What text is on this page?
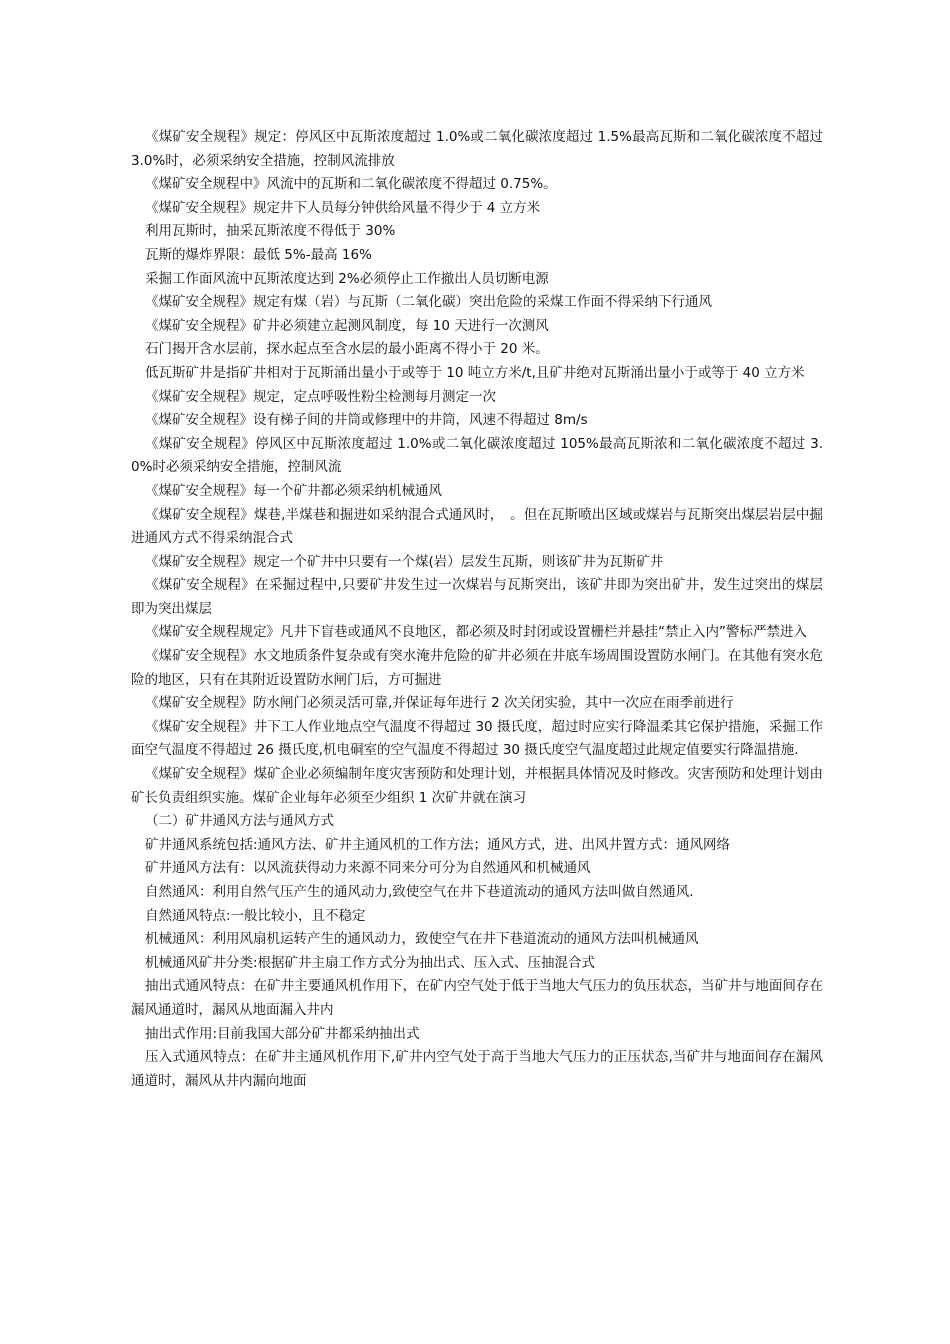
《煤矿安全规程》规定：停风区中瓦斯浓度超过 1.0%或二氧化碳浓度超过 1.5%最高瓦斯和二氧化碳浓度不超过 3.0%时，必须采纳安全措施，控制风流排放

《煤矿安全规程中》风流中的瓦斯和二氧化碳浓度不得超过 0.75%。

《煤矿安全规程》规定井下人员每分钟供给风量不得少于 4 立方米

利用瓦斯时，抽采瓦斯浓度不得低于 30%

瓦斯的爆炸界限：最低 5%-最高 16%

采掘工作面风流中瓦斯浓度达到 2%必须停止工作撤出人员切断电源

《煤矿安全规程》规定有煤（岩）与瓦斯（二氧化碳）突出危险的采煤工作面不得采纳下行通风

《煤矿安全规程》矿井必须建立起测风制度，每 10 天进行一次测风

石门揭开含水层前，探水起点至含水层的最小距离不得小于 20 米。

低瓦斯矿井是指矿井相对于瓦斯涌出量小于或等于 10 吨立方米/t,且矿井绝对瓦斯涌出量小于或等于 40 立方米

《煤矿安全规程》规定，定点呼吸性粉尘检测每月测定一次

《煤矿安全规程》设有梯子间的井筒或修理中的井筒，风速不得超过 8m/s

《煤矿安全规程》停风区中瓦斯浓度超过 1.0%或二氧化碳浓度超过 105%最高瓦斯浓和二氧化碳浓度不超过 3.0%时必须采纳安全措施，控制风流

《煤矿安全规程》每一个矿井都必须采纳机械通风

《煤矿安全规程》煤巷,半煤巷和掘进如采纳混合式通风时，　。但在瓦斯喷出区域或煤岩与瓦斯突出煤层岩层中掘进通风方式不得采纳混合式

《煤矿安全规程》规定一个矿井中只要有一个煤(岩）层发生瓦斯，则该矿井为瓦斯矿井

《煤矿安全规程》在采掘过程中,只要矿井发生过一次煤岩与瓦斯突出，该矿井即为突出矿井，发生过突出的煤层即为突出煤层

《煤矿安全规程规定》凡井下盲巷或通风不良地区，都必须及时封闭或设置栅栏并悬挂“禁止入内”警标严禁进入

《煤矿安全规程》水文地质条件复杂或有突水淹井危险的矿井必须在井底车场周围设置防水闸门。在其他有突水危险的地区，只有在其附近设置防水闸门后，方可掘进

《煤矿安全规程》防水闸门必须灵活可靠,并保证每年进行 2 次关闭实验，其中一次应在雨季前进行

《煤矿安全规程》井下工人作业地点空气温度不得超过 30 摄氏度，超过时应实行降温柔其它保护措施，采掘工作面空气温度不得超过 26 摄氏度,机电硐室的空气温度不得超过 30 摄氏度空气温度超过此规定值要实行降温措施.

《煤矿安全规程》煤矿企业必须编制年度灾害预防和处理计划，并根据具体情况及时修改。灾害预防和处理计划由矿长负责组织实施。煤矿企业每年必须至少组织 1 次矿井就在演习

（二）矿井通风方法与通风方式

矿井通风系统包括:通风方法、矿井主通风机的工作方法；通风方式，进、出风井置方式：通风网络

矿井通风方法有：以风流获得动力来源不同来分可分为自然通风和机械通风

自然通风：利用自然气压产生的通风动力,致使空气在井下巷道流动的通风方法叫做自然通风.

自然通风特点:一般比较小，且不稳定

机械通风：利用风扇机运转产生的通风动力，致使空气在井下巷道流动的通风方法叫机械通风

机械通风矿井分类:根据矿井主扇工作方式分为抽出式、压入式、压抽混合式

抽出式通风特点：在矿井主要通风机作用下，在矿内空气处于低于当地大气压力的负压状态，当矿井与地面间存在漏风通道时，漏风从地面漏入井内

抽出式作用:目前我国大部分矿井都采纳抽出式

压入式通风特点：在矿井主通风机作用下,矿井内空气处于高于当地大气压力的正压状态,当矿井与地面间存在漏风通道时，漏风从井内漏向地面
